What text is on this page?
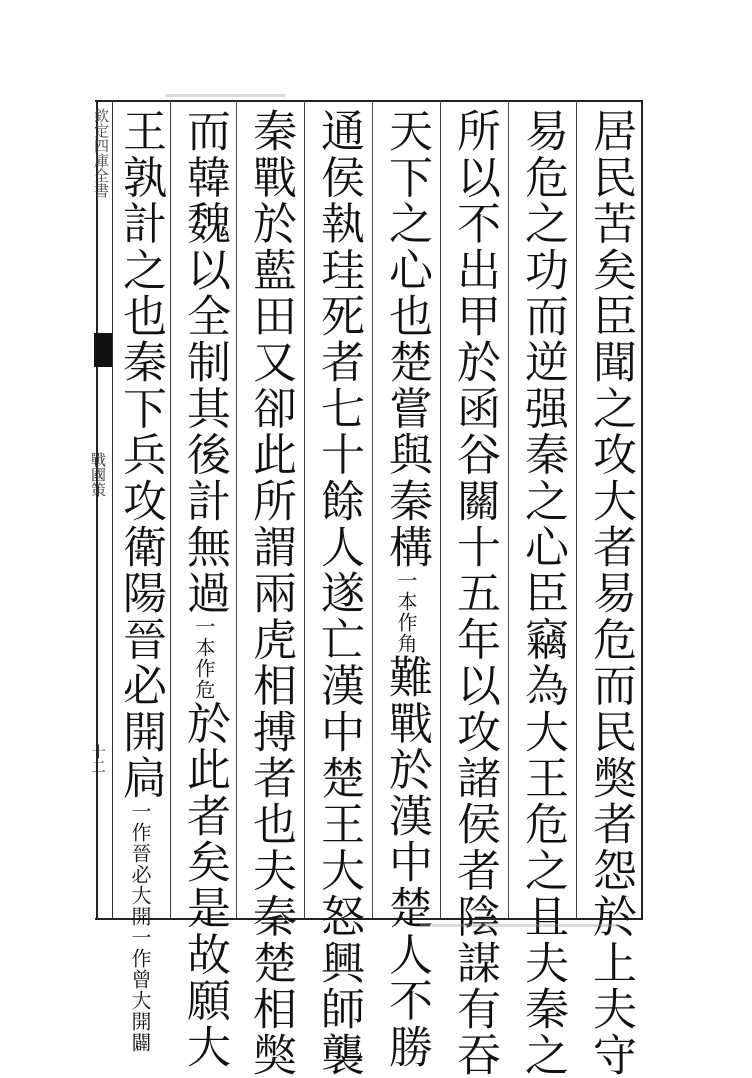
欽定四庫全書
戰國策
十二	居民苦矣臣聞之攻大者易危而民獘者怨於上夫守
易危之功而逆强秦之心臣竊為大王危之且夫秦之
所以不出甲於函谷關十五年以攻諸侯者陰謀有吞
天下之心也楚嘗與秦構一本作角難戰於漢中楚人不勝
通侯執珪死者七十餘人遂亡漢中楚王大怒興師襲
秦戰於藍田又卻此所謂兩虎相搏者也夫秦楚相獘
而韓魏以全制其後計無過一本作危於此者矣是故願大
王孰計之也秦下兵攻衛陽晉必開扃一作晉必大開一作曾大開闢
